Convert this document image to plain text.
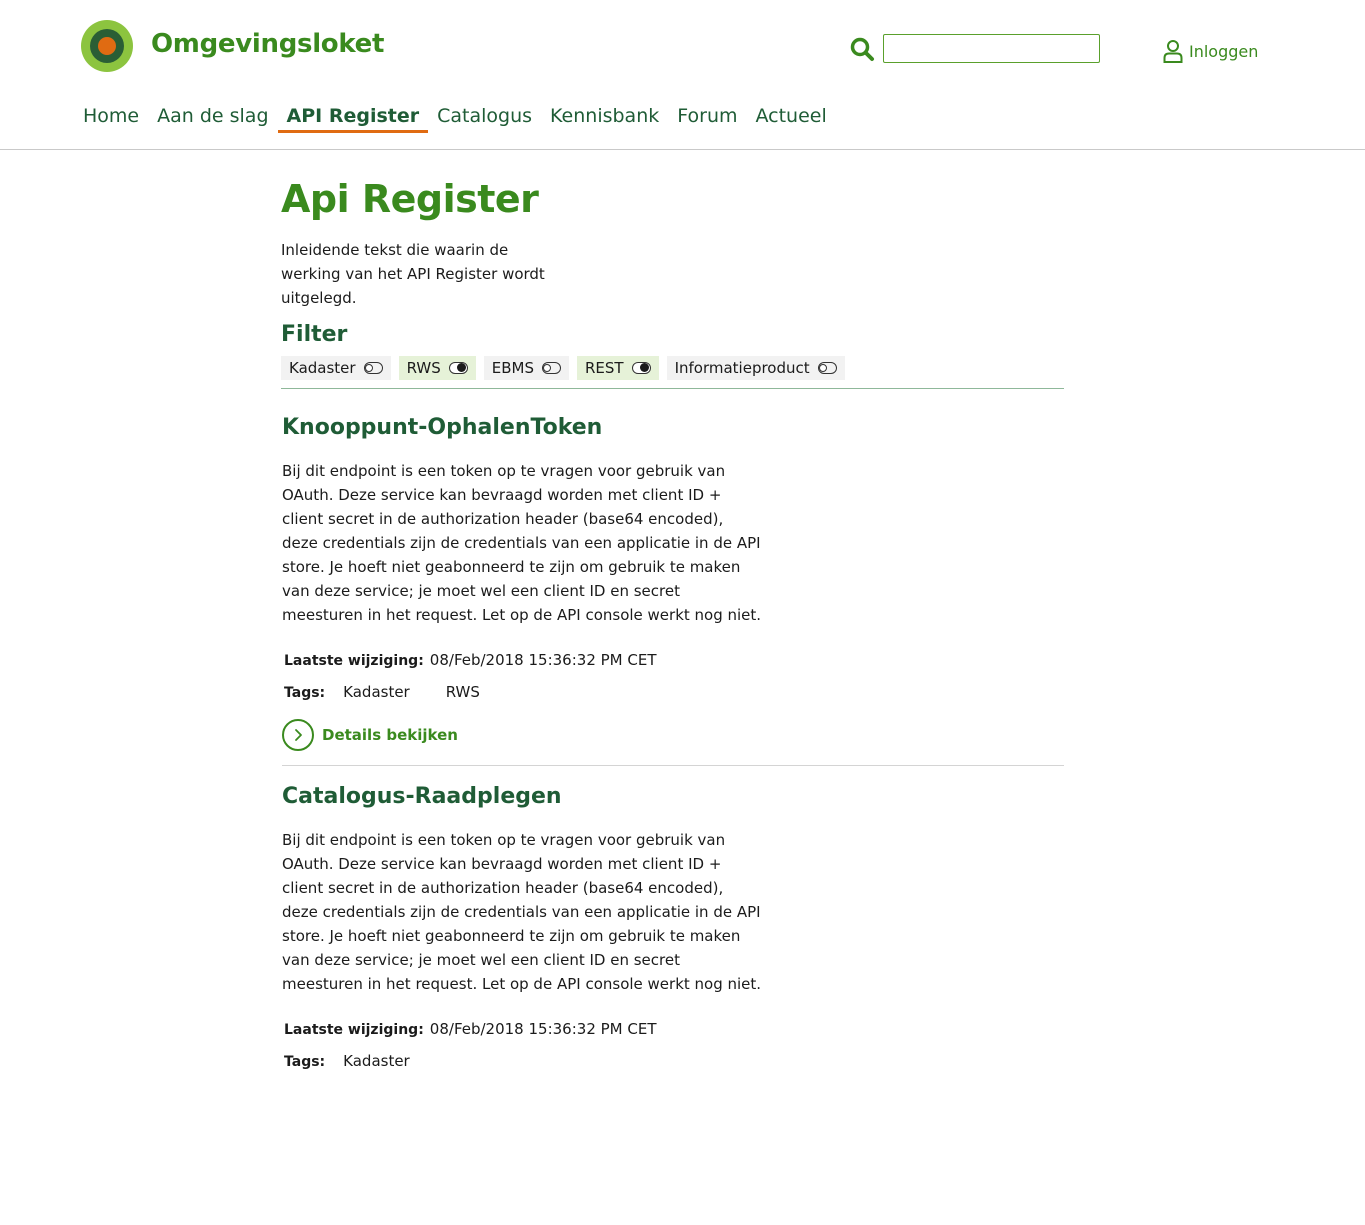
Omgevingsloket	Inloggen
Home Aan de slag API Register Catalogus Kennisbank Forum Actueel
Api Register

Inleidende tekst die waarin de werking van het API Register wordt uitgelegd.

Filter
Kadaster	RWS	EBMS	REST	Informatieproduct
Knooppunt-OphalenToken

Bij dit endpoint is een token op te vragen voor gebruik van OAuth. Deze service kan bevraagd worden met client ID + client secret in de authorization header (base64 encoded), deze credentials zijn de credentials van een applicatie in de API store. Je hoeft niet geabonneerd te zijn om gebruik te maken van deze service; je moet wel een client ID en secret meesturen in het request. Let op de API console werkt nog niet.

Laatste wijziging: 08/Feb/2018 15:36:32 PM CET
Tags: Kadaster RWS
Details bekijken
Catalogus-Raadplegen

Bij dit endpoint is een token op te vragen voor gebruik van OAuth. Deze service kan bevraagd worden met client ID + client secret in de authorization header (base64 encoded), deze credentials zijn de credentials van een applicatie in de API store. Je hoeft niet geabonneerd te zijn om gebruik te maken van deze service; je moet wel een client ID en secret meesturen in het request. Let op de API console werkt nog niet.

Laatste wijziging: 08/Feb/2018 15:36:32 PM CET
Tags: Kadaster
